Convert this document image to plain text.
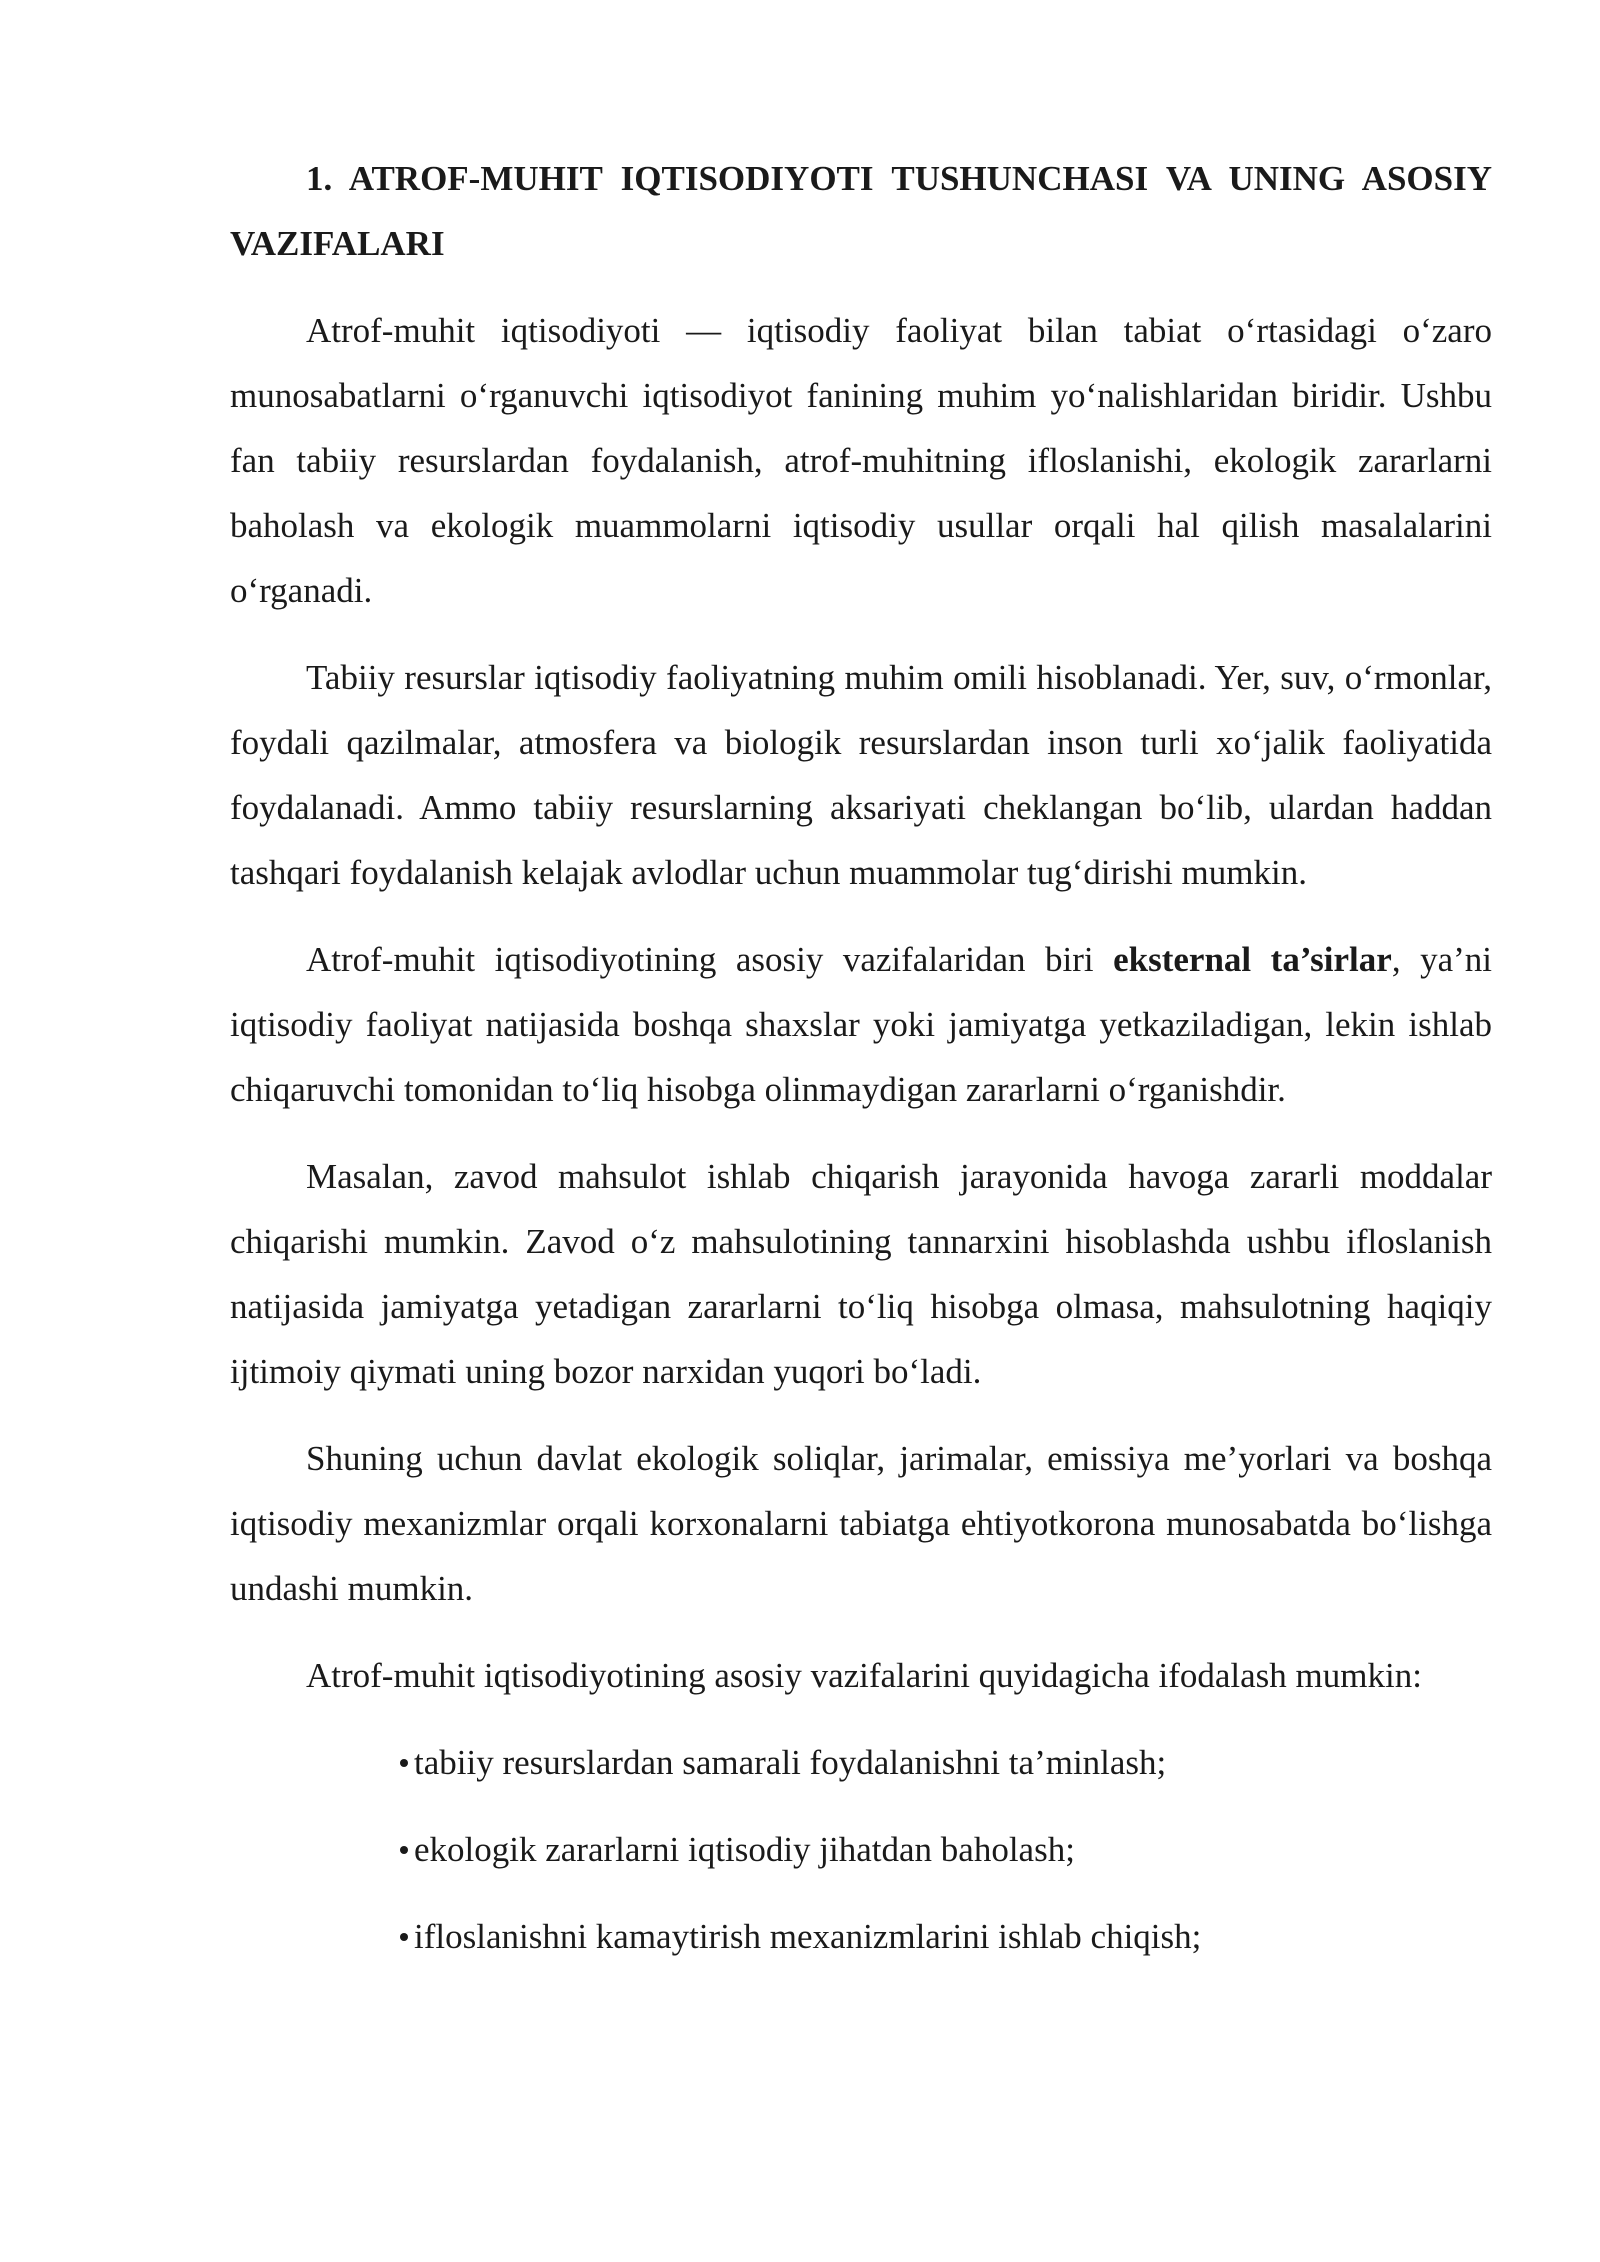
1. ATROF-MUHIT IQTISODIYOTI TUSHUNCHASI VA UNING ASOSIY VAZIFALARI

Atrof-muhit iqtisodiyoti — iqtisodiy faoliyat bilan tabiat o‘rtasidagi o‘zaro munosabatlarni o‘rganuvchi iqtisodiyot fanining muhim yo‘nalishlaridan biridir. Ushbu fan tabiiy resurslardan foydalanish, atrof-muhitning ifloslanishi, ekologik zararlarni baholash va ekologik muammolarni iqtisodiy usullar orqali hal qilish masalalarini o‘rganadi.

Tabiiy resurslar iqtisodiy faoliyatning muhim omili hisoblanadi. Yer, suv, o‘rmonlar, foydali qazilmalar, atmosfera va biologik resurslardan inson turli xo‘jalik faoliyatida foydalanadi. Ammo tabiiy resurslarning aksariyati cheklangan bo‘lib, ulardan haddan tashqari foydalanish kelajak avlodlar uchun muammolar tug‘dirishi mumkin.

Atrof-muhit iqtisodiyotining asosiy vazifalaridan biri eksternal ta’sirlar, ya’ni iqtisodiy faoliyat natijasida boshqa shaxslar yoki jamiyatga yetkaziladigan, lekin ishlab chiqaruvchi tomonidan to‘liq hisobga olinmaydigan zararlarni o‘rganishdir.

Masalan, zavod mahsulot ishlab chiqarish jarayonida havoga zararli moddalar chiqarishi mumkin. Zavod o‘z mahsulotining tannarxini hisoblashda ushbu ifloslanish natijasida jamiyatga yetadigan zararlarni to‘liq hisobga olmasa, mahsulotning haqiqiy ijtimoiy qiymati uning bozor narxidan yuqori bo‘ladi.

Shuning uchun davlat ekologik soliqlar, jarimalar, emissiya me’yorlari va boshqa iqtisodiy mexanizmlar orqali korxonalarni tabiatga ehtiyotkorona munosabatda bo‘lishga undashi mumkin.

Atrof-muhit iqtisodiyotining asosiy vazifalarini quyidagicha ifodalash mumkin:

tabiiy resurslardan samarali foydalanishni ta’minlash;
ekologik zararlarni iqtisodiy jihatdan baholash;
ifloslanishni kamaytirish mexanizmlarini ishlab chiqish;
